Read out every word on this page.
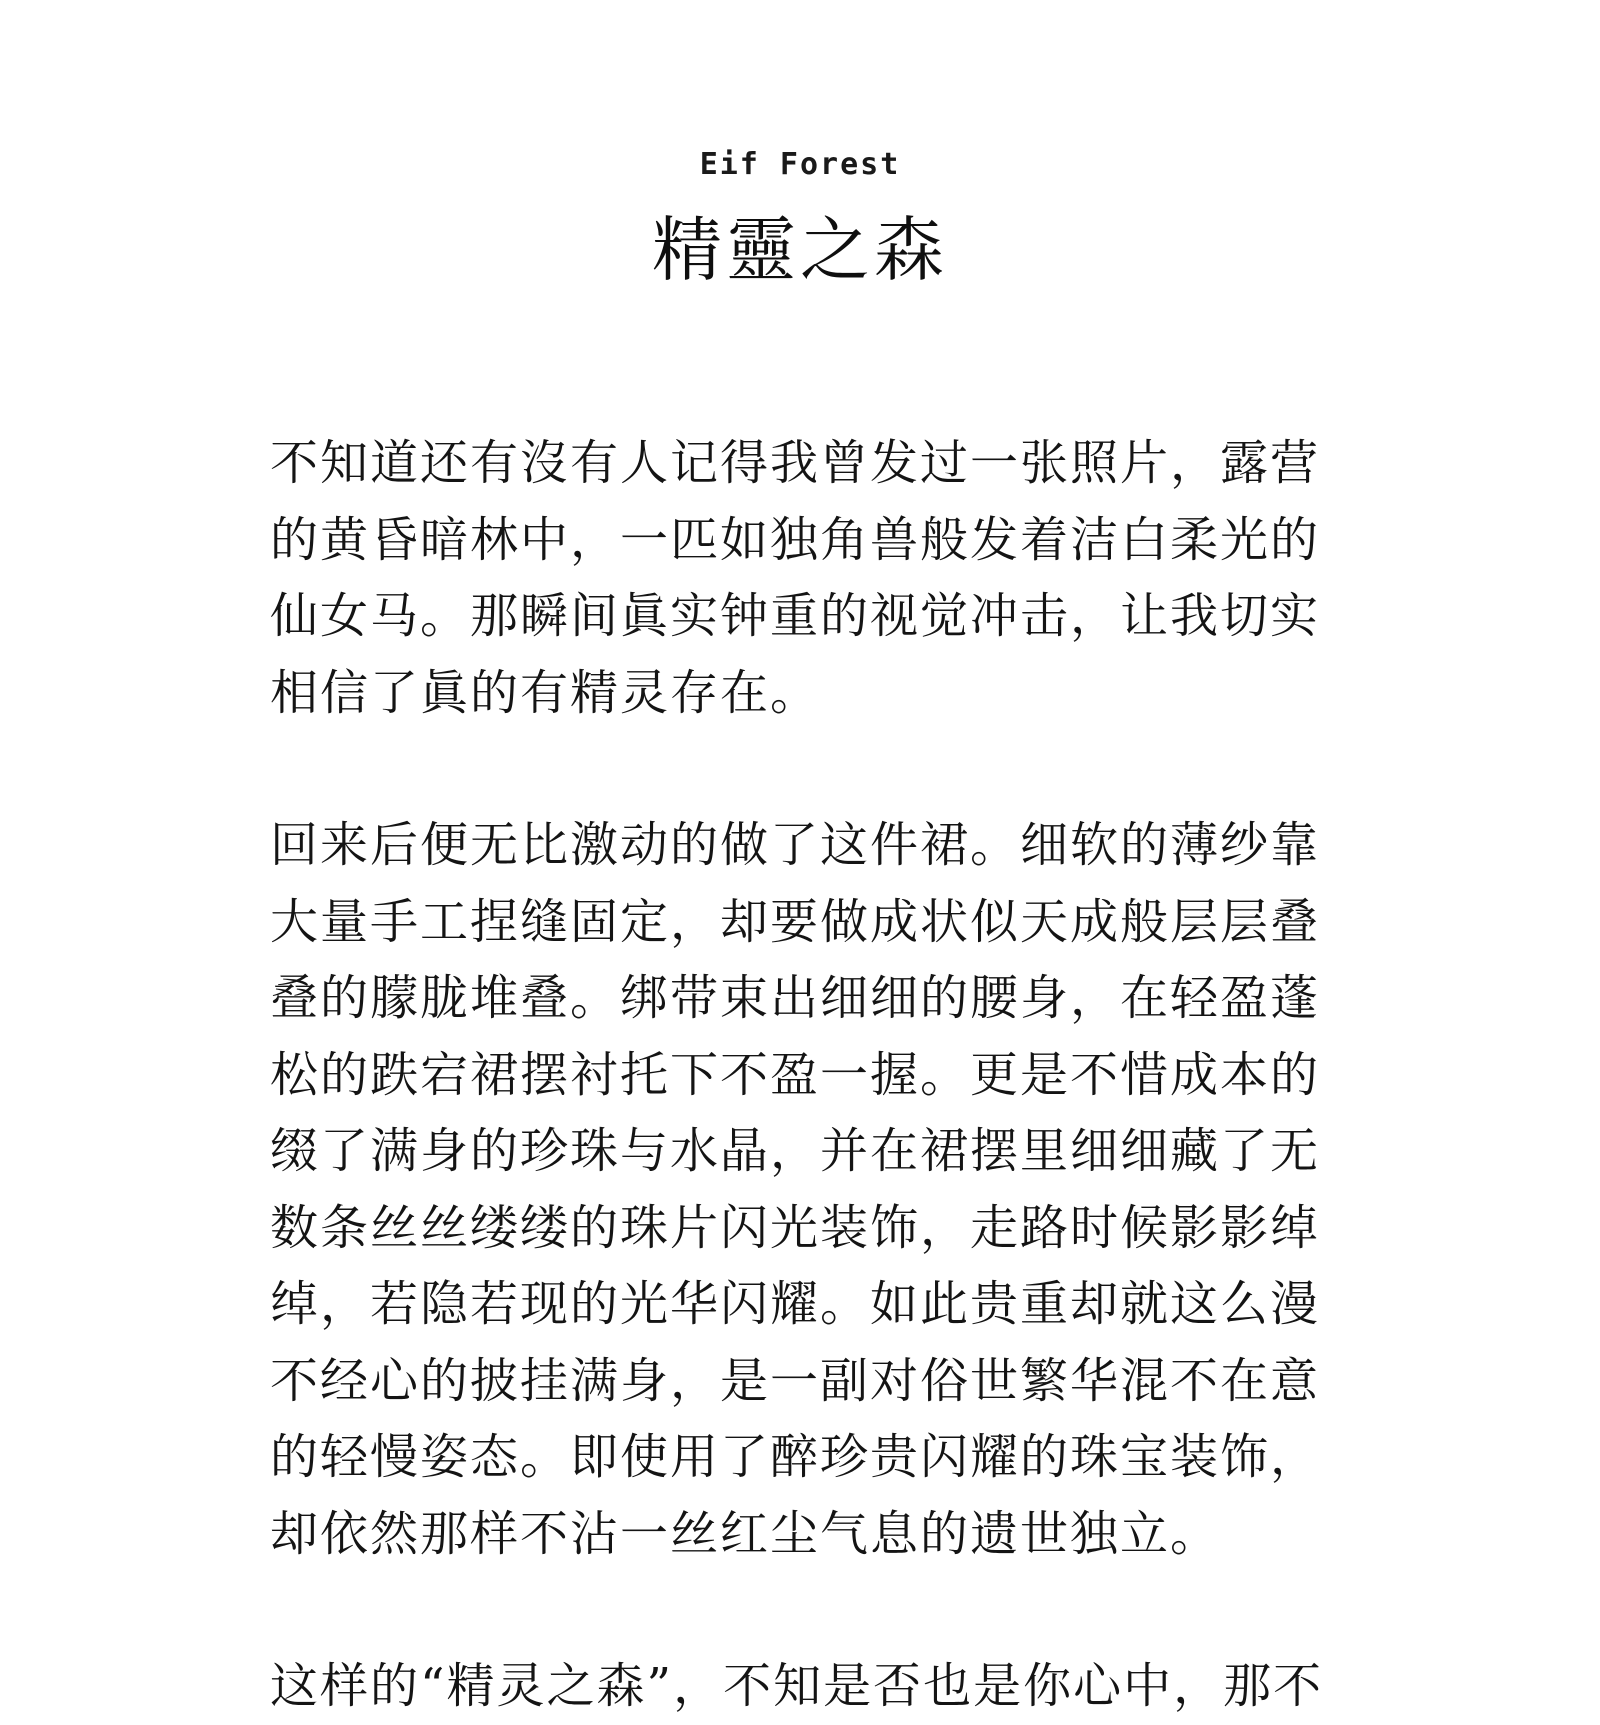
Eif Forest
精靈之森

不知道还有沒有人记得我曾发过一张照片，露营
的黄昏暗林中，一匹如独角兽般发着洁白柔光的
仙女马。那瞬间眞实钟重的视觉冲击，让我切实
相信了眞的有精灵存在。

回来后便无比激动的做了这件裙。细软的薄纱靠
大量手工捏缝固定，却要做成状似天成般层层叠
叠的朦胧堆叠。绑带束出细细的腰身，在轻盈蓬
松的跌宕裙摆衬托下不盈一握。更是不惜成本的
缀了满身的珍珠与水晶，并在裙摆里细细藏了无
数条丝丝缕缕的珠片闪光装饰，走路时候影影绰
绰，若隐若现的光华闪耀。如此贵重却就这么漫
不经心的披挂满身，是一副对俗世繁华混不在意
的轻慢姿态。即使用了醉珍贵闪耀的珠宝装饰，
却依然那样不沾一丝红尘气息的遗世独立。

这样的“精灵之森”，不知是否也是你心中，那不
